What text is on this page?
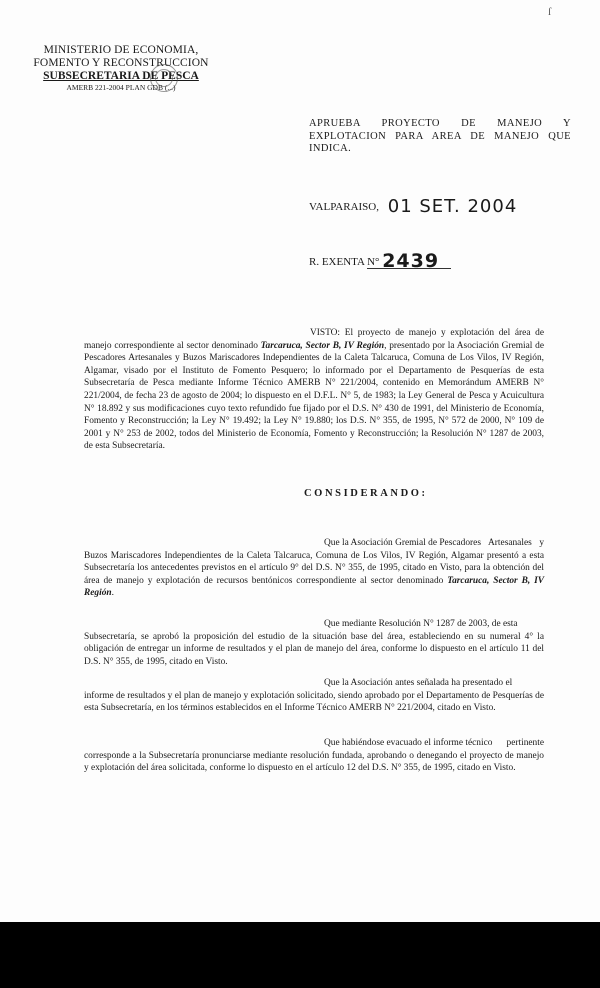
ſ
MINISTERIO DE ECONOMIA,
FOMENTO Y RECONSTRUCCION
SUBSECRETARIA DE PESCA
AMERB 221-2004 PLAN GDB (...)
APRUEBA PROYECTO DE MANEJO Y EXPLOTACION PARA AREA DE MANEJO QUE INDICA.
VALPARAISO, 01 SET. 2004
R. EXENTA N° 2439
VISTO: El proyecto de manejo y explotación del área de manejo correspondiente al sector denominado Tarcaruca, Sector B, IV Región, presentado por la Asociación Gremial de Pescadores Artesanales y Buzos Mariscadores Independientes de la Caleta Talcaruca, Comuna de Los Vilos, IV Región, Algamar, visado por el Instituto de Fomento Pesquero; lo informado por el Departamento de Pesquerías de esta Subsecretaría de Pesca mediante Informe Técnico AMERB N° 221/2004, contenido en Memorándum AMERB N° 221/2004, de fecha 23 de agosto de 2004; lo dispuesto en el D.F.L. N° 5, de 1983; la Ley General de Pesca y Acuicultura N° 18.892 y sus modificaciones cuyo texto refundido fue fijado por el D.S. N° 430 de 1991, del Ministerio de Economía, Fomento y Reconstrucción; la Ley N° 19.492; la Ley N° 19.880; los D.S. N° 355, de 1995, N° 572 de 2000, N° 109 de 2001 y N° 253 de 2002, todos del Ministerio de Economía, Fomento y Reconstrucción; la Resolución N° 1287 de 2003, de esta Subsecretaría.
CONSIDERANDO:
Que la Asociación Gremial de Pescadores Artesanales y Buzos Mariscadores Independientes de la Caleta Talcaruca, Comuna de Los Vilos, IV Región, Algamar presentó a esta Subsecretaría los antecedentes previstos en el artículo 9° del D.S. N° 355, de 1995, citado en Visto, para la obtención del área de manejo y explotación de recursos bentónicos correspondiente al sector denominado Tarcaruca, Sector B, IV Región.
Que mediante Resolución N° 1287 de 2003, de esta Subsecretaría, se aprobó la proposición del estudio de la situación base del área, estableciendo en su numeral 4° la obligación de entregar un informe de resultados y el plan de manejo del área, conforme lo dispuesto en el artículo 11 del D.S. N° 355, de 1995, citado en Visto.
Que la Asociación antes señalada ha presentado el informe de resultados y el plan de manejo y explotación solicitado, siendo aprobado por el Departamento de Pesquerías de esta Subsecretaría, en los términos establecidos en el Informe Técnico AMERB N° 221/2004, citado en Visto.
Que habiéndose evacuado el informe técnico pertinente corresponde a la Subsecretaría pronunciarse mediante resolución fundada, aprobando o denegando el proyecto de manejo y explotación del área solicitada, conforme lo dispuesto en el artículo 12 del D.S. N° 355, de 1995, citado en Visto.
